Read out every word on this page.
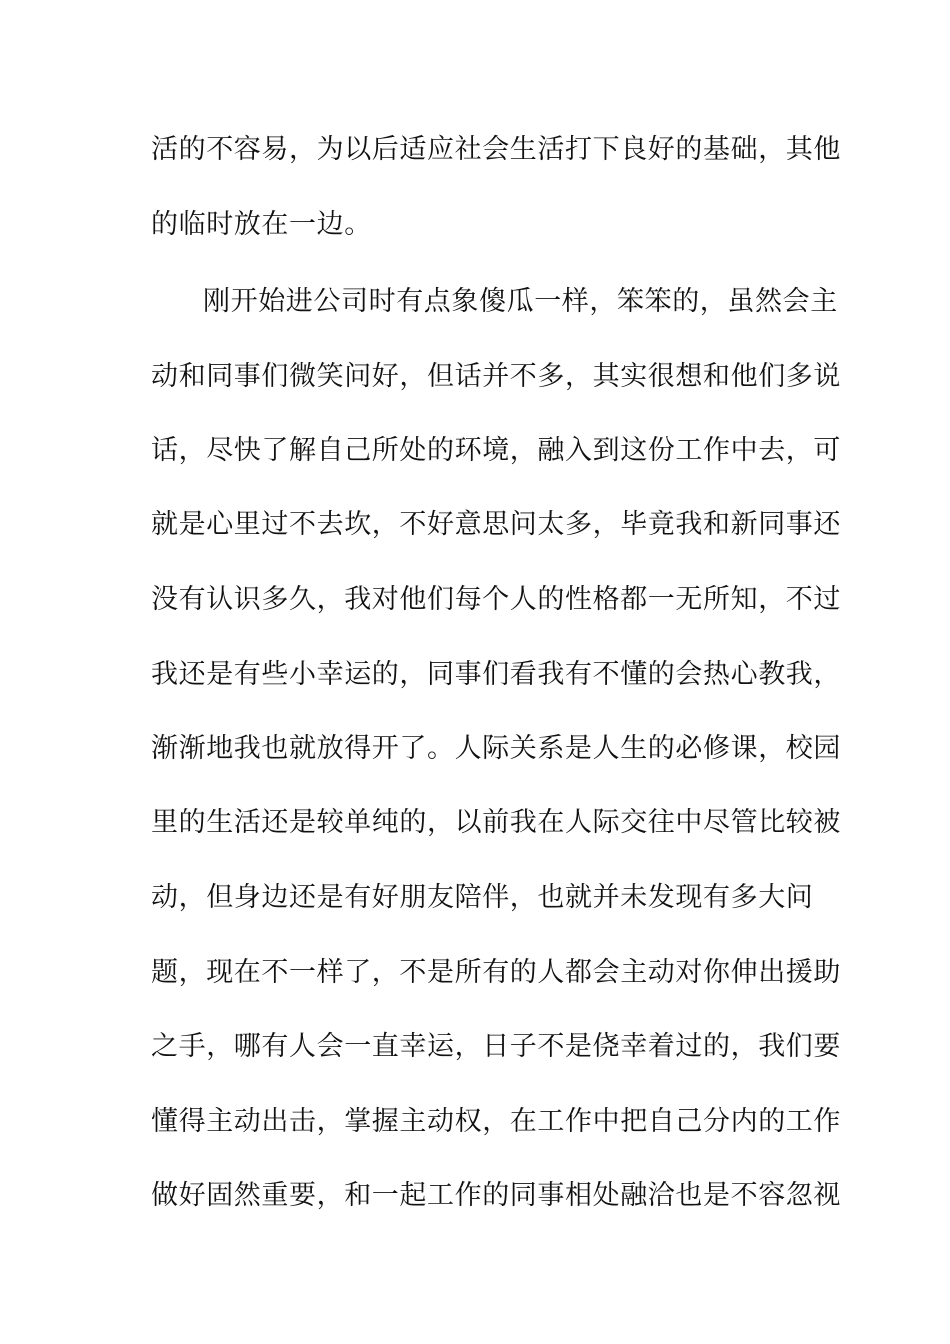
活的不容易，为以后适应社会生活打下良好的基础，其他
的临时放在一边。
刚开始进公司时有点象傻瓜一样，笨笨的，虽然会主
动和同事们微笑问好，但话并不多，其实很想和他们多说
话，尽快了解自己所处的环境，融入到这份工作中去，可
就是心里过不去坎，不好意思问太多，毕竟我和新同事还
没有认识多久，我对他们每个人的性格都一无所知，不过
我还是有些小幸运的，同事们看我有不懂的会热心教我，
渐渐地我也就放得开了。人际关系是人生的必修课，校园
里的生活还是较单纯的，以前我在人际交往中尽管比较被
动，但身边还是有好朋友陪伴，也就并未发现有多大问
题，现在不一样了，不是所有的人都会主动对你伸出援助
之手，哪有人会一直幸运，日子不是侥幸着过的，我们要
懂得主动出击，掌握主动权，在工作中把自己分内的工作
做好固然重要，和一起工作的同事相处融洽也是不容忽视
